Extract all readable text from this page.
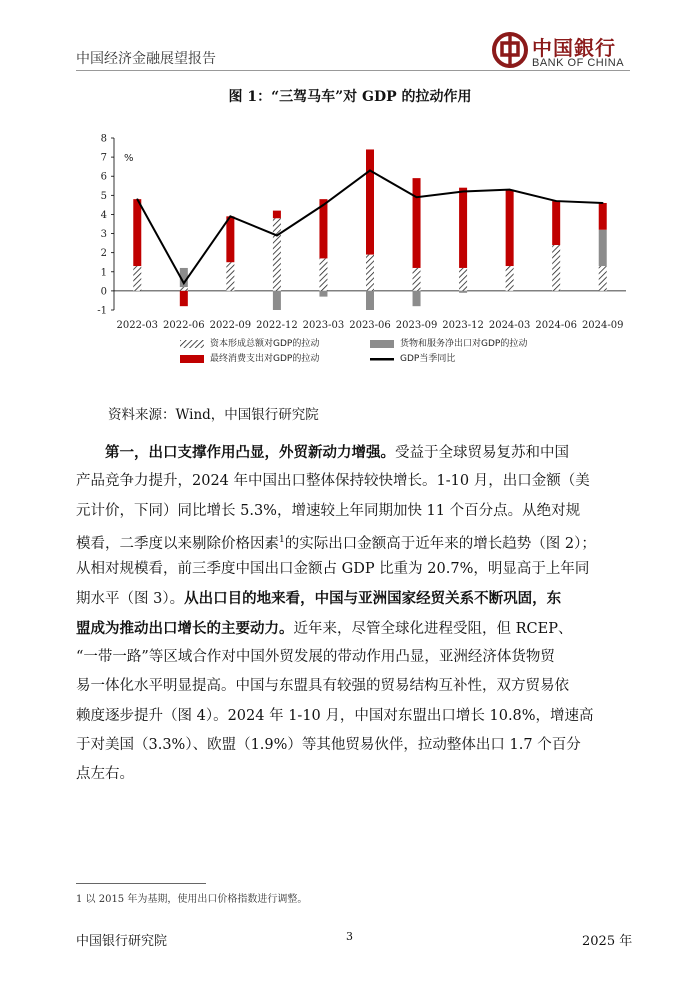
中国经济金融展望报告	中国銀行
BANK OF CHINA
图 1：“三驾马车”对 GDP 的拉动作用
-1
0
1
2
3
4
5
6
7
8
%
2022-03 2022-06 2022-09 2022-12 2023-03 2023-06 2023-09 2023-12 2024-03 2024-06 2024-09
资本形成总额对GDP的拉动	货物和服务净出口对GDP的拉动
最终消费支出对GDP的拉动	GDP当季同比
资料来源：Wind，中国银行研究院
第一，出口支撑作用凸显，外贸新动力增强。受益于全球贸易复苏和中国
产品竞争力提升，2024 年中国出口整体保持较快增长。1-10 月，出口金额（美
元计价，下同）同比增长 5.3%，增速较上年同期加快 11 个百分点。从绝对规
模看，二季度以来剔除价格因素$^1$的实际出口金额高于近年来的增长趋势（图 2）；
从相对规模看，前三季度中国出口金额占 GDP 比重为 20.7%，明显高于上年同
期水平（图 3）。从出口目的地来看，中国与亚洲国家经贸关系不断巩固，东
盟成为推动出口增长的主要动力。近年来，尽管全球化进程受阻，但 RCEP、
“一带一路”等区域合作对中国外贸发展的带动作用凸显，亚洲经济体货物贸
易一体化水平明显提高。中国与东盟具有较强的贸易结构互补性，双方贸易依
赖度逐步提升（图 4）。2024 年 1-10 月，中国对东盟出口增长 10.8%，增速高
于对美国（3.3%）、欧盟（1.9%）等其他贸易伙伴，拉动整体出口 1.7 个百分
点左右。
1 以 2015 年为基期，使用出口价格指数进行调整。
中国银行研究院	3	2025 年
